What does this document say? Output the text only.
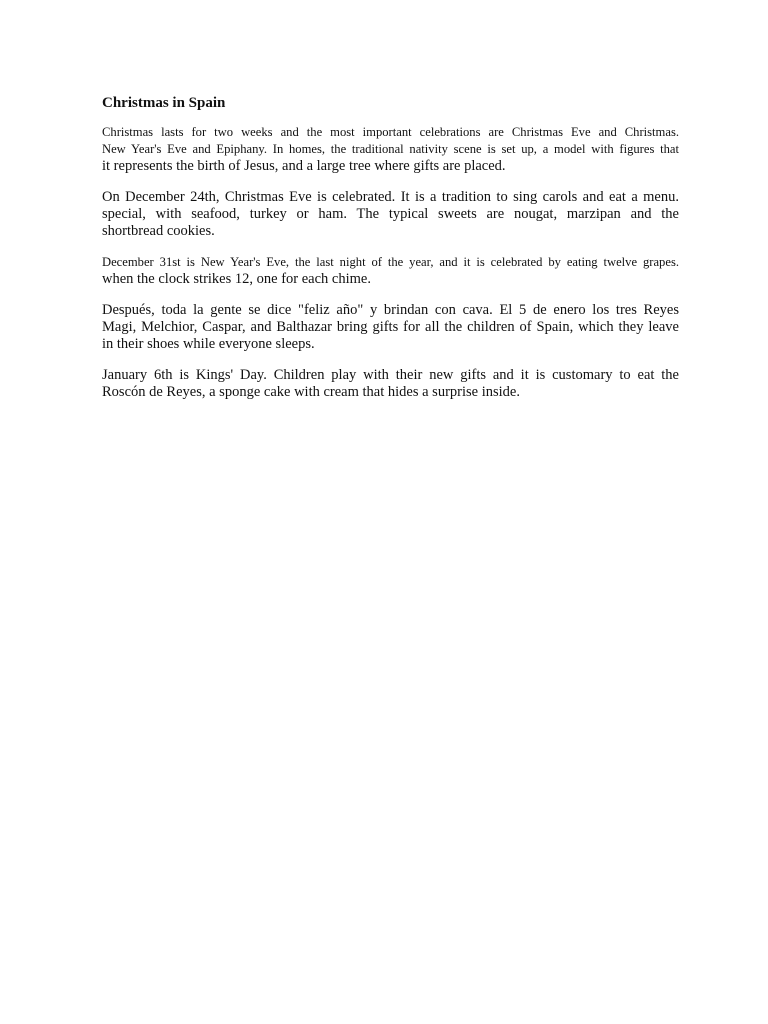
Christmas in Spain
Christmas lasts for two weeks and the most important celebrations are Christmas Eve and Christmas.
New Year's Eve and Epiphany. In homes, the traditional nativity scene is set up, a model with figures that
it represents the birth of Jesus, and a large tree where gifts are placed.
On December 24th, Christmas Eve is celebrated. It is a tradition to sing carols and eat a menu.
special, with seafood, turkey or ham. The typical sweets are nougat, marzipan and the
shortbread cookies.
December 31st is New Year's Eve, the last night of the year, and it is celebrated by eating twelve grapes.
when the clock strikes 12, one for each chime.
Después, toda la gente se dice "feliz año" y brindan con cava. El 5 de enero los tres Reyes
Magi, Melchior, Caspar, and Balthazar bring gifts for all the children of Spain, which they leave
in their shoes while everyone sleeps.
January 6th is Kings' Day. Children play with their new gifts and it is customary to eat the
Roscón de Reyes, a sponge cake with cream that hides a surprise inside.
